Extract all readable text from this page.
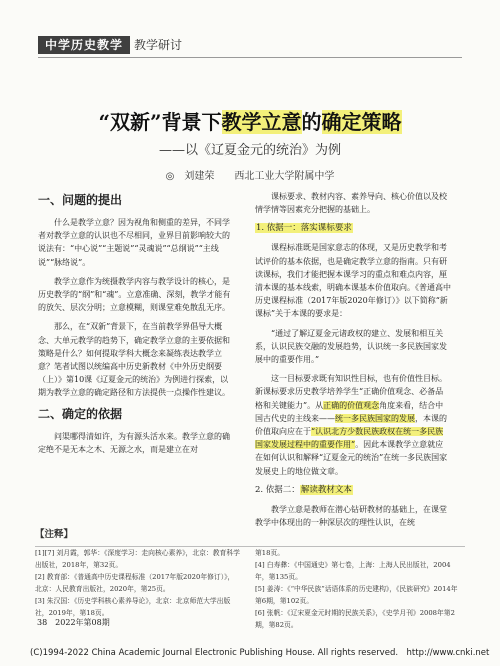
中学历史教学 教学研讨
“双新”背景下教学立意的确定策略
——以《辽夏金元的统治》为例
◎　刘建荣　　西北工业大学附属中学
一、问题的提出

什么是教学立意？因为视角和侧重的差异，不同学者对教学立意的认识也不尽相同，业界目前影响较大的说法有：“中心说”“主题说”“灵魂说”“总纲说”“主线说”“脉络说”。

教学立意作为统摄教学内容与教学设计的核心，是历史教学的“纲”和“魂”。立意准确、深刻，教学才能有的放矢、层次分明；立意模糊，则课堂难免散乱无序。

那么，在“双新”背景下，在当前教学界倡导大概念、大单元教学的趋势下，确定教学立意的主要依据和策略是什么？如何提取学科大概念来凝练表达教学立意？笔者试图以统编高中历史新教材《中外历史纲要（上）》第10课《辽夏金元的统治》为例进行探索，以期为教学立意的确定路径和方法提供一点操作性建议。

二、确定的依据

问渠哪得清如许，为有源头活水来。教学立意的确定绝不是无本之木、无源之水，而是建立在对

课标要求、教材内容、素养导向、核心价值以及校情学情等因素充分把握的基础上。

1. 依据一：落实课标要求

课程标准既是国家意志的体现，又是历史教学和考试评价的基本依据，也是确定教学立意的指南。只有研读课标，我们才能把握本课学习的重点和难点内容，厘清本课的基本线索，明确本课基本价值取向。《普通高中历史课程标准（2017年版2020年修订）》以下简称“新课标”关于本课的要求是：

“通过了解辽夏金元诸政权的建立、发展和相互关系，认识民族交融的发展趋势，认识统一多民族国家发展中的重要作用。”

这一目标要求既有知识性目标，也有价值性目标。新课标要求历史教学培养学生“正确价值观念、必备品格和关键能力”。从正确的价值观念角度来看，结合中国古代史的主线来——统一多民族国家的发展，本课的价值取向应在于“认识北方少数民族政权在统一多民族国家发展过程中的重要作用”。因此本课教学立意就应在如何认识和解释“辽夏金元的统治”在统一多民族国家发展史上的地位做文章。

2. 依据二：解读教材文本

教学立意是教师在潜心钻研教材的基础上，在课堂教学中体现出的一种深层次的理性认识，在统

【注释】
[1][7] 刘月霞，郭华：《深度学习：走向核心素养》，北京：教育科学出版社，2018年，第32页。
[2] 教育部：《普通高中历史课程标准（2017年版2020年修订）》，北京：人民教育出版社，2020年，第25页。
[3] 朱汉国：《历史学科核心素养导论》，北京：北京师范大学出版社，2019年，第18页。
第18页。
[4] 白寿彝：《中国通史》第七卷，上海：上海人民出版社，2004年，第135页。
[5] 姜涛：《“中华民族”话语体系的历史建构》，《民族研究》2014年第6期，第102页。
[6] 张帆：《辽宋夏金元时期的民族关系》，《史学月刊》2008年第2期，第82页。
38　2022年第08期
(C)1994-2022 China Academic Journal Electronic Publishing House. All rights reserved.　http://www.cnki.net
